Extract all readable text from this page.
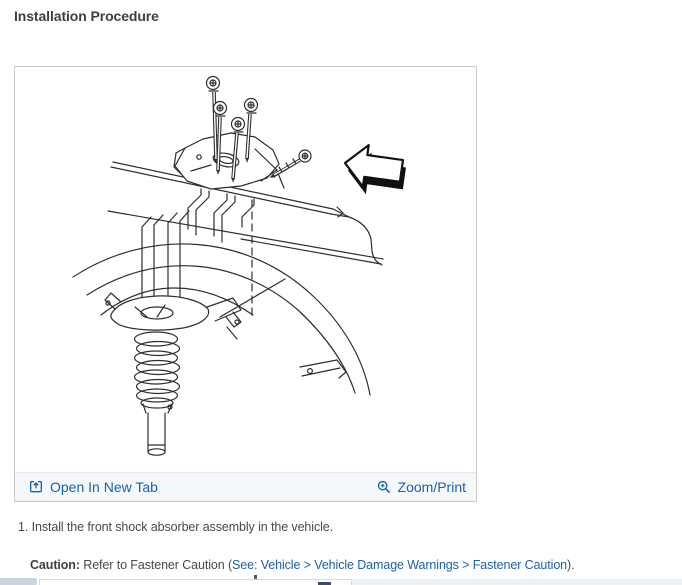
Installation Procedure
Open In New Tab	Zoom/Print
1. Install the front shock absorber assembly in the vehicle.
Caution: Refer to Fastener Caution (See: Vehicle > Vehicle Damage Warnings > Fastener Caution).
